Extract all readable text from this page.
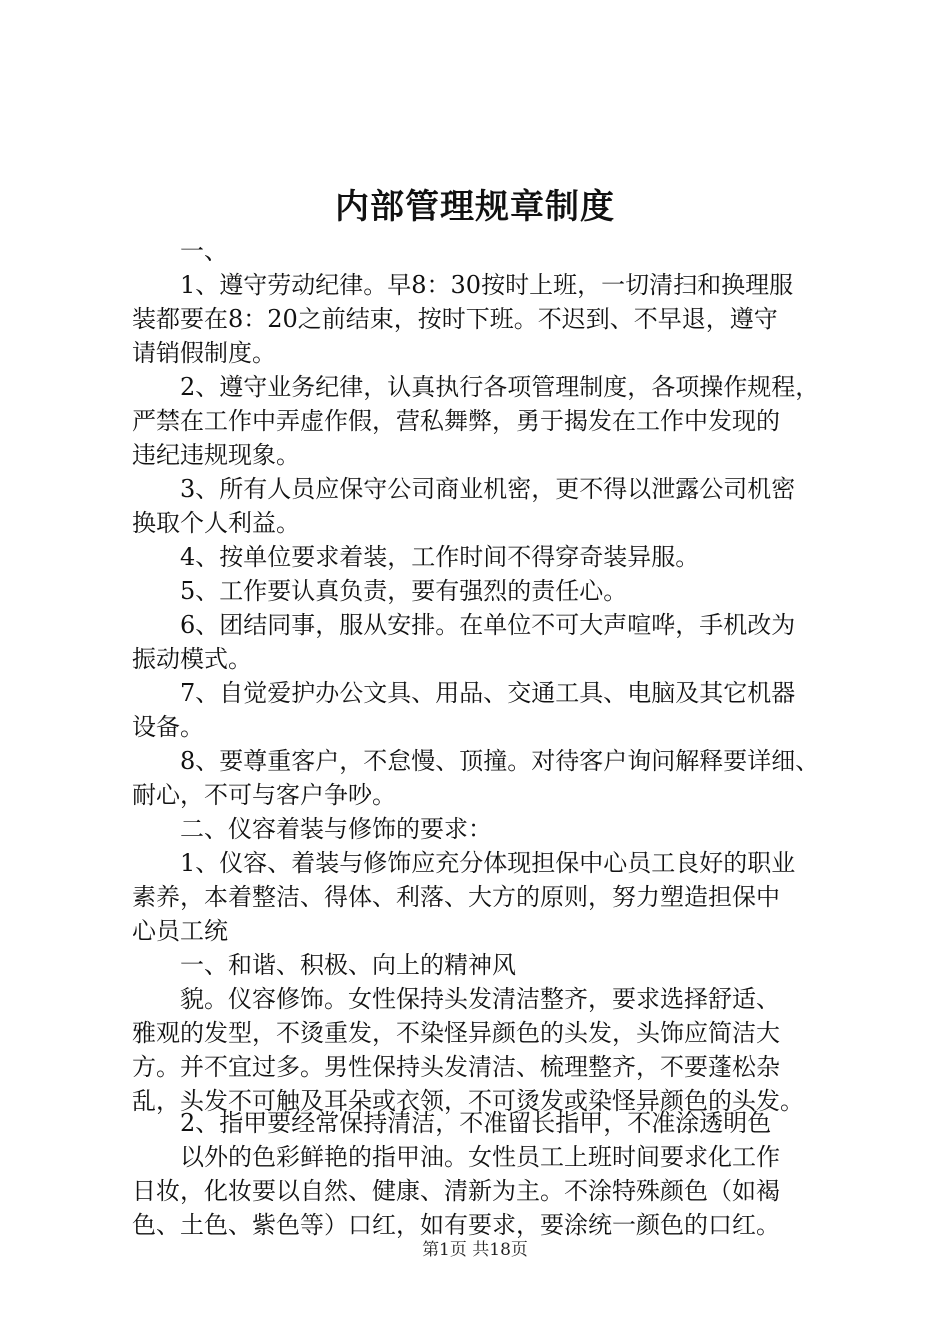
内部管理规章制度
一、
1、遵守劳动纪律。早8：30按时上班，一切清扫和换理服
装都要在8：20之前结束，按时下班。不迟到、不早退，遵守
请销假制度。
2、遵守业务纪律，认真执行各项管理制度，各项操作规程，
严禁在工作中弄虚作假，营私舞弊，勇于揭发在工作中发现的
违纪违规现象。
3、所有人员应保守公司商业机密，更不得以泄露公司机密
换取个人利益。
4、按单位要求着装，工作时间不得穿奇装异服。
5、工作要认真负责，要有强烈的责任心。
6、团结同事，服从安排。在单位不可大声喧哗，手机改为
振动模式。
7、自觉爱护办公文具、用品、交通工具、电脑及其它机器
设备。
8、要尊重客户，不怠慢、顶撞。对待客户询问解释要详细、
耐心，不可与客户争吵。
二、仪容着装与修饰的要求：
1、仪容、着装与修饰应充分体现担保中心员工良好的职业
素养，本着整洁、得体、利落、大方的原则，努力塑造担保中
心员工统
一、和谐、积极、向上的精神风
貌。仪容修饰。女性保持头发清洁整齐，要求选择舒适、
雅观的发型，不烫重发，不染怪异颜色的头发，头饰应简洁大
方。并不宜过多。男性保持头发清洁、梳理整齐，不要蓬松杂
乱，头发不可触及耳朵或衣领，不可烫发或染怪异颜色的头发。
2、指甲要经常保持清洁，不准留长指甲，不准涂透明色
以外的色彩鲜艳的指甲油。女性员工上班时间要求化工作
日妆，化妆要以自然、健康、清新为主。不涂特殊颜色（如褐
色、土色、紫色等）口红，如有要求，要涂统一颜色的口红。
第1页 共18页
